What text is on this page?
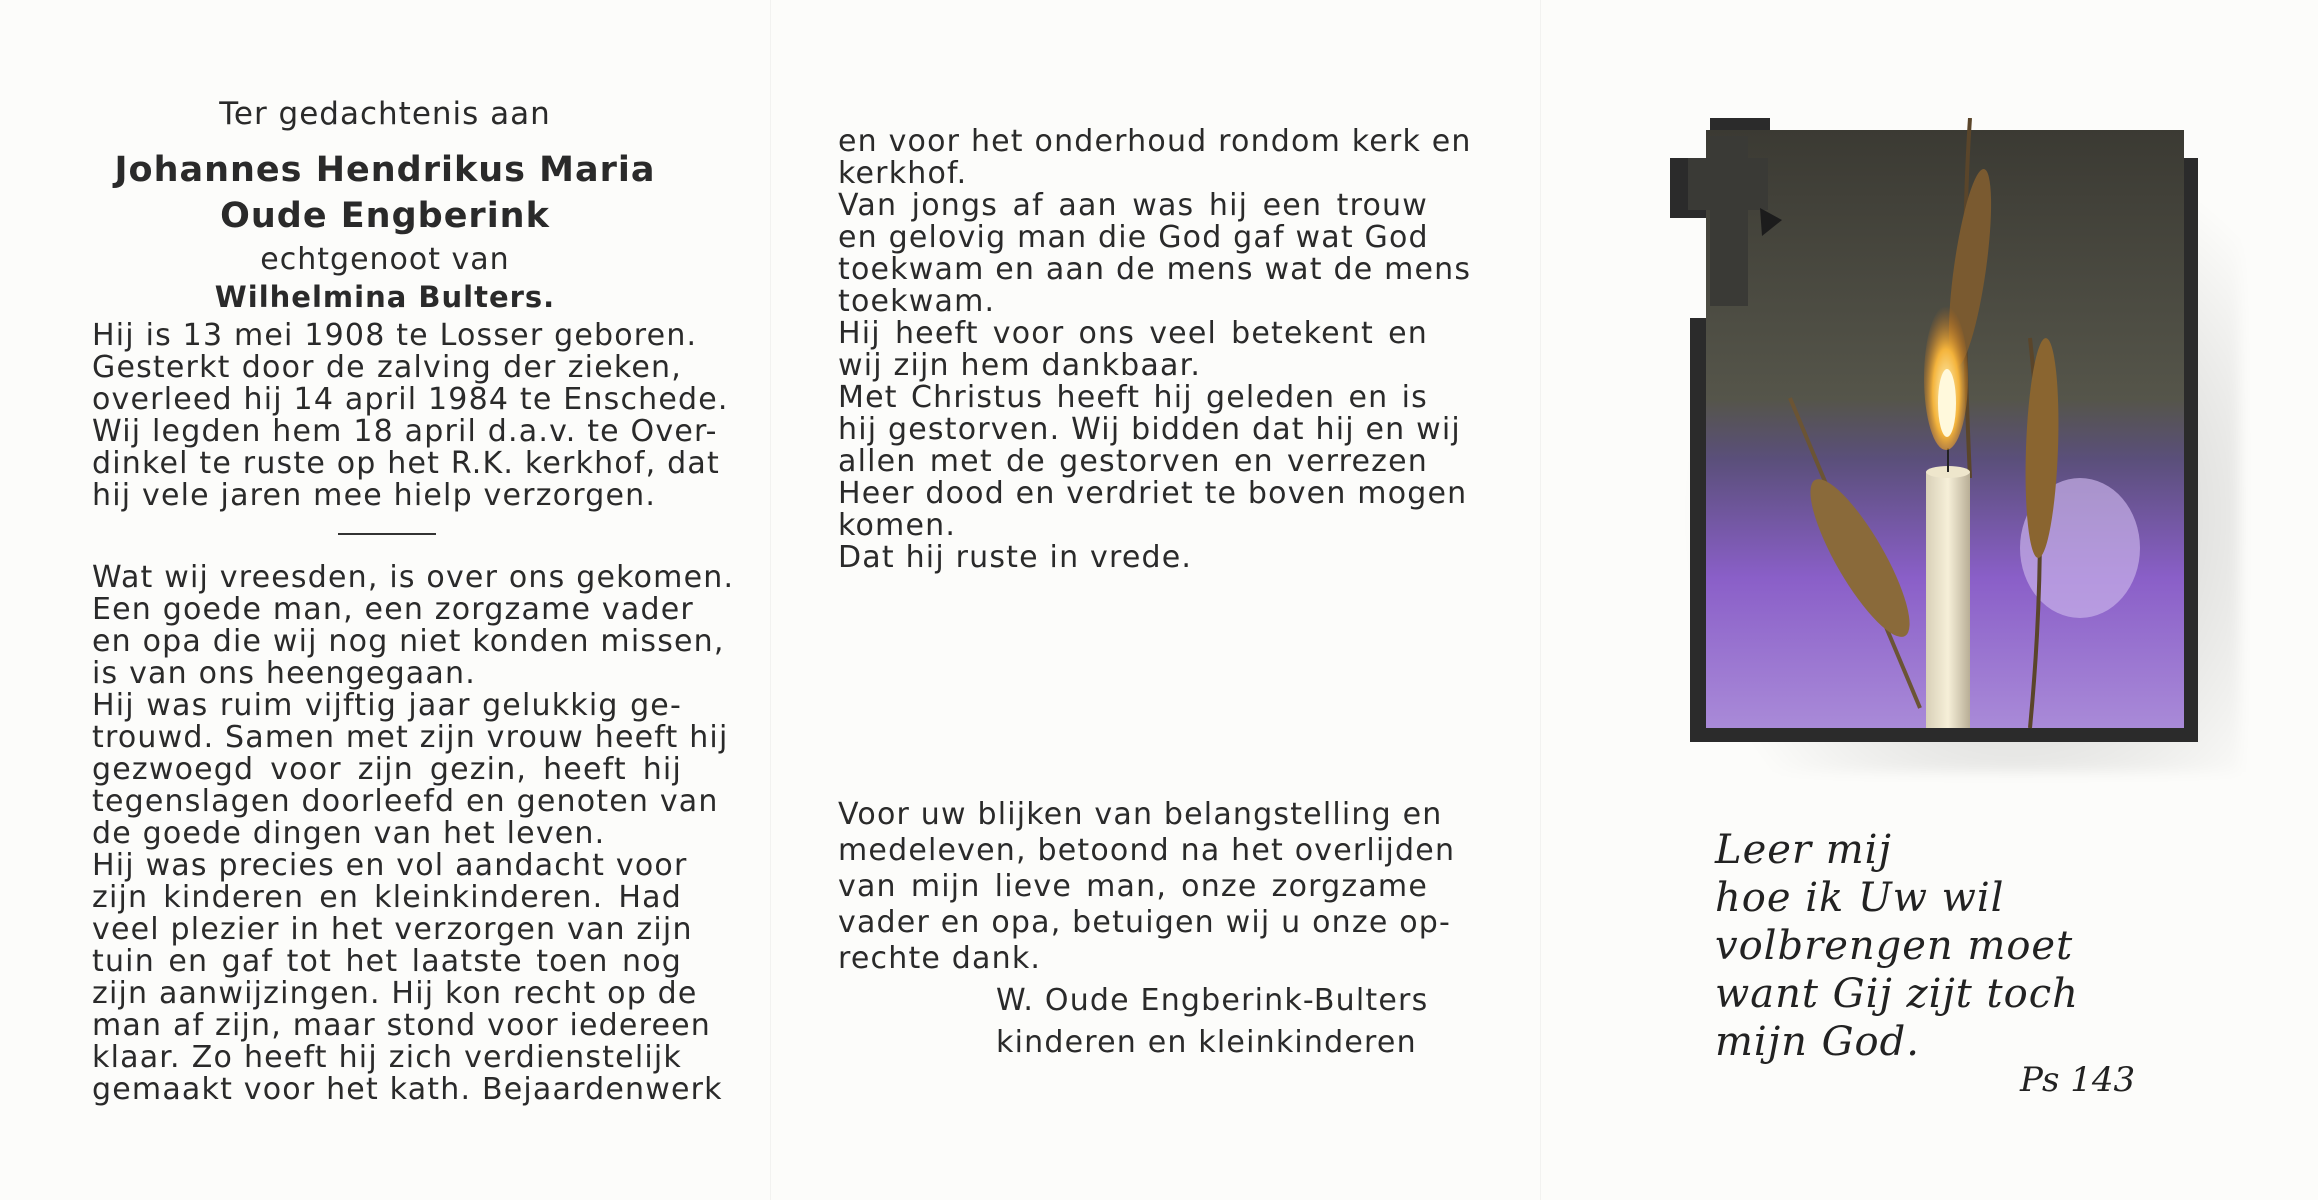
Ter gedachtenis aan
Johannes Hendrikus Maria
Oude Engberink
echtgenoot van
Wilhelmina Bulters.
Hij is 13 mei 1908 te Losser geboren.
Gesterkt door de zalving der zieken,
overleed hij 14 april 1984 te Enschede.
Wij legden hem 18 april d.a.v. te Over-
dinkel te ruste op het R.K. kerkhof, dat
hij vele jaren mee hielp verzorgen.
Wat wij vreesden, is over ons gekomen.
Een goede man, een zorgzame vader
en opa die wij nog niet konden missen,
is van ons heengegaan.
Hij was ruim vijftig jaar gelukkig ge-
trouwd. Samen met zijn vrouw heeft hij
gezwoegd voor zijn gezin, heeft hij
tegenslagen doorleefd en genoten van
de goede dingen van het leven.
Hij was precies en vol aandacht voor
zijn kinderen en kleinkinderen. Had
veel plezier in het verzorgen van zijn
tuin en gaf tot het laatste toen nog
zijn aanwijzingen. Hij kon recht op de
man af zijn, maar stond voor iedereen
klaar. Zo heeft hij zich verdienstelijk
gemaakt voor het kath. Bejaardenwerk
en voor het onderhoud rondom kerk en
kerkhof.
Van jongs af aan was hij een trouw
en gelovig man die God gaf wat God
toekwam en aan de mens wat de mens
toekwam.
Hij heeft voor ons veel betekent en
wij zijn hem dankbaar.
Met Christus heeft hij geleden en is
hij gestorven. Wij bidden dat hij en wij
allen met de gestorven en verrezen
Heer dood en verdriet te boven mogen
komen.
Dat hij ruste in vrede.
Voor uw blijken van belangstelling en
medeleven, betoond na het overlijden
van mijn lieve man, onze zorgzame
vader en opa, betuigen wij u onze op-
rechte dank.
W. Oude Engberink-Bulters
kinderen en kleinkinderen
Leer mij
hoe ik Uw wil
volbrengen moet
want Gij zijt toch
mijn God.
Ps 143
